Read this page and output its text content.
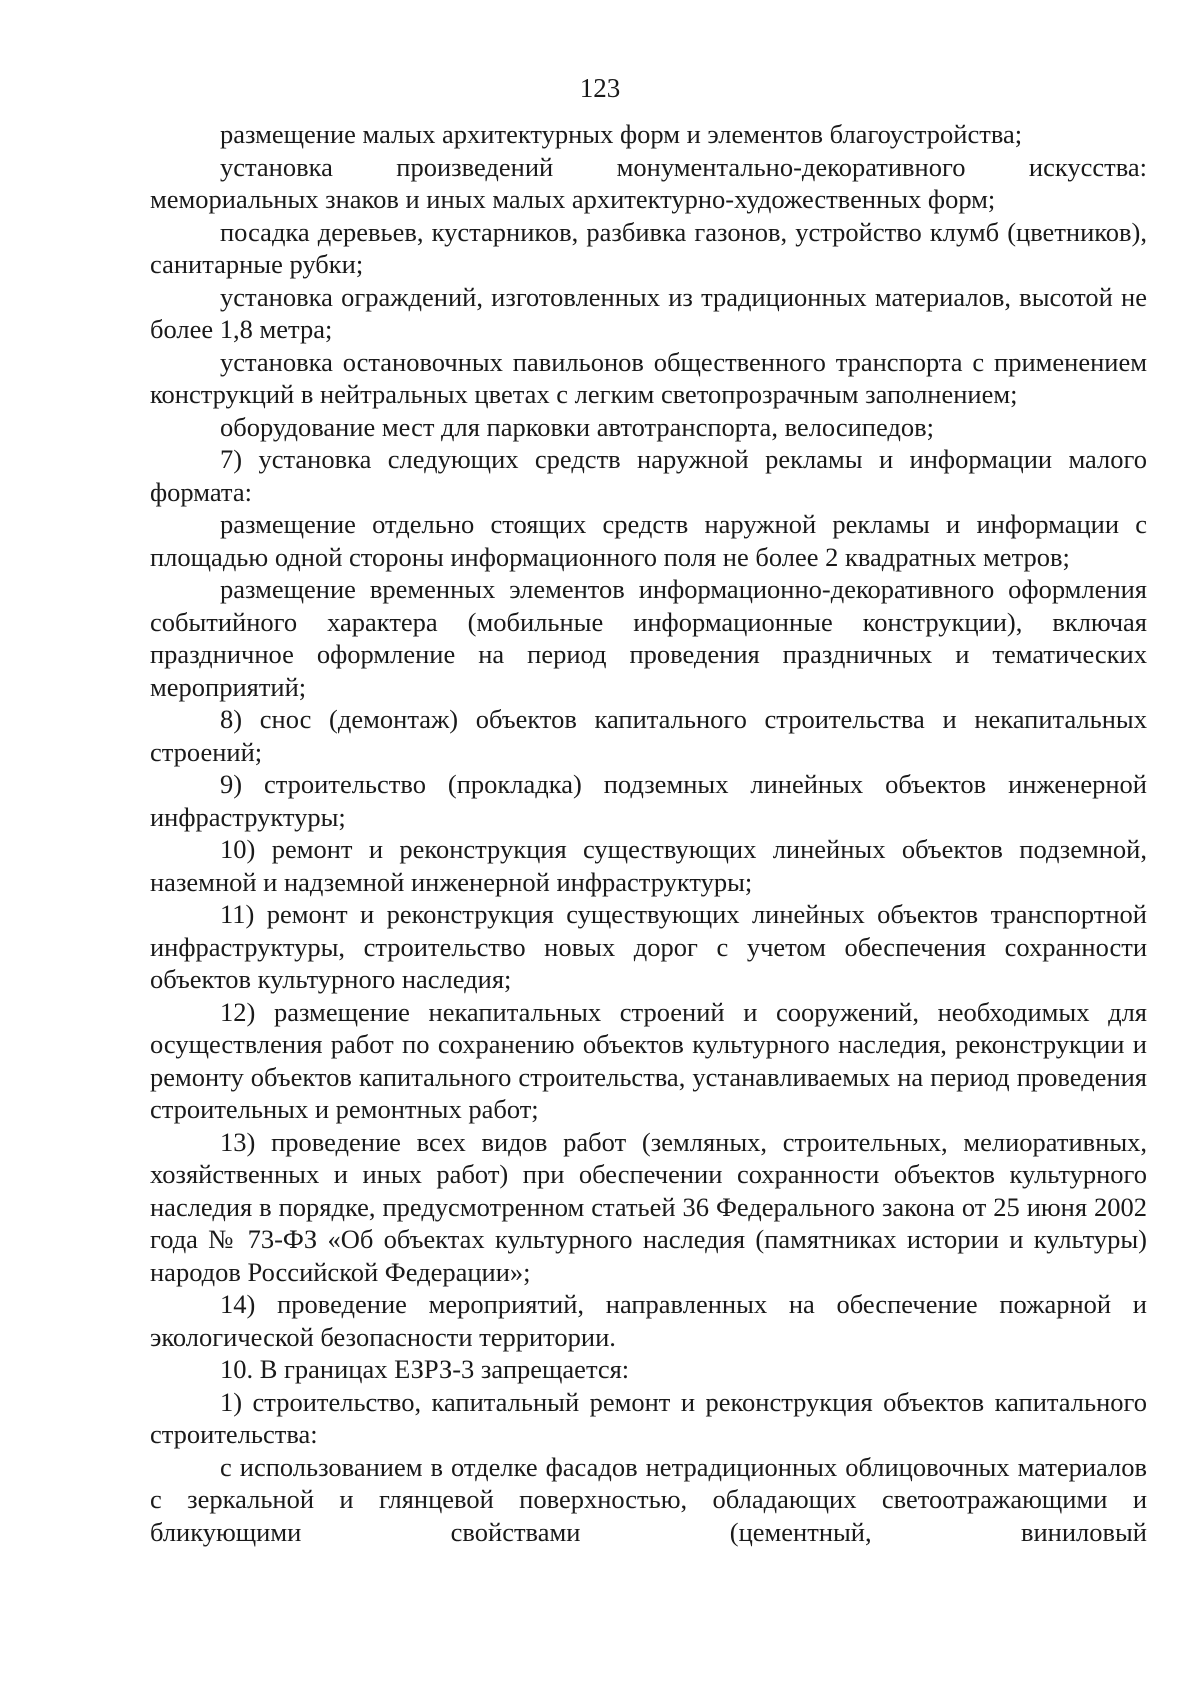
123

размещение малых архитектурных форм и элементов благоустройства;

установка произведений монументально-декоративного искусства: мемориальных знаков и иных малых архитектурно-художественных форм;

посадка деревьев, кустарников, разбивка газонов, устройство клумб (цветников), санитарные рубки;

установка ограждений, изготовленных из традиционных материалов, высотой не более 1,8 метра;

установка остановочных павильонов общественного транспорта с применением конструкций в нейтральных цветах с легким светопрозрачным заполнением;

оборудование мест для парковки автотранспорта, велосипедов;

7) установка следующих средств наружной рекламы и информации малого формата:

размещение отдельно стоящих средств наружной рекламы и информации с площадью одной стороны информационного поля не более 2 квадратных метров;

размещение временных элементов информационно-декоративного оформления событийного характера (мобильные информационные конструкции), включая праздничное оформление на период проведения праздничных и тематических мероприятий;

8) снос (демонтаж) объектов капитального строительства и некапитальных строений;

9) строительство (прокладка) подземных линейных объектов инженерной инфраструктуры;

10) ремонт и реконструкция существующих линейных объектов подземной, наземной и надземной инженерной инфраструктуры;

11) ремонт и реконструкция существующих линейных объектов транспортной инфраструктуры, строительство новых дорог с учетом обеспечения сохранности объектов культурного наследия;

12) размещение некапитальных строений и сооружений, необходимых для осуществления работ по сохранению объектов культурного наследия, реконструкции и ремонту объектов капитального строительства, устанавливаемых на период проведения строительных и ремонтных работ;

13) проведение всех видов работ (земляных, строительных, мелиоративных, хозяйственных и иных работ) при обеспечении сохранности объектов культурного наследия в порядке, предусмотренном статьей 36 Федерального закона от 25 июня 2002 года № 73-ФЗ «Об объектах культурного наследия (памятниках истории и культуры) народов Российской Федерации»;

14) проведение мероприятий, направленных на обеспечение пожарной и экологической безопасности территории.

10. В границах ЕЗРЗ-3 запрещается:

1) строительство, капитальный ремонт и реконструкция объектов капитального строительства:

с использованием в отделке фасадов нетрадиционных облицовочных материалов с зеркальной и глянцевой поверхностью, обладающих светоотражающими и бликующими свойствами (цементный, виниловый
